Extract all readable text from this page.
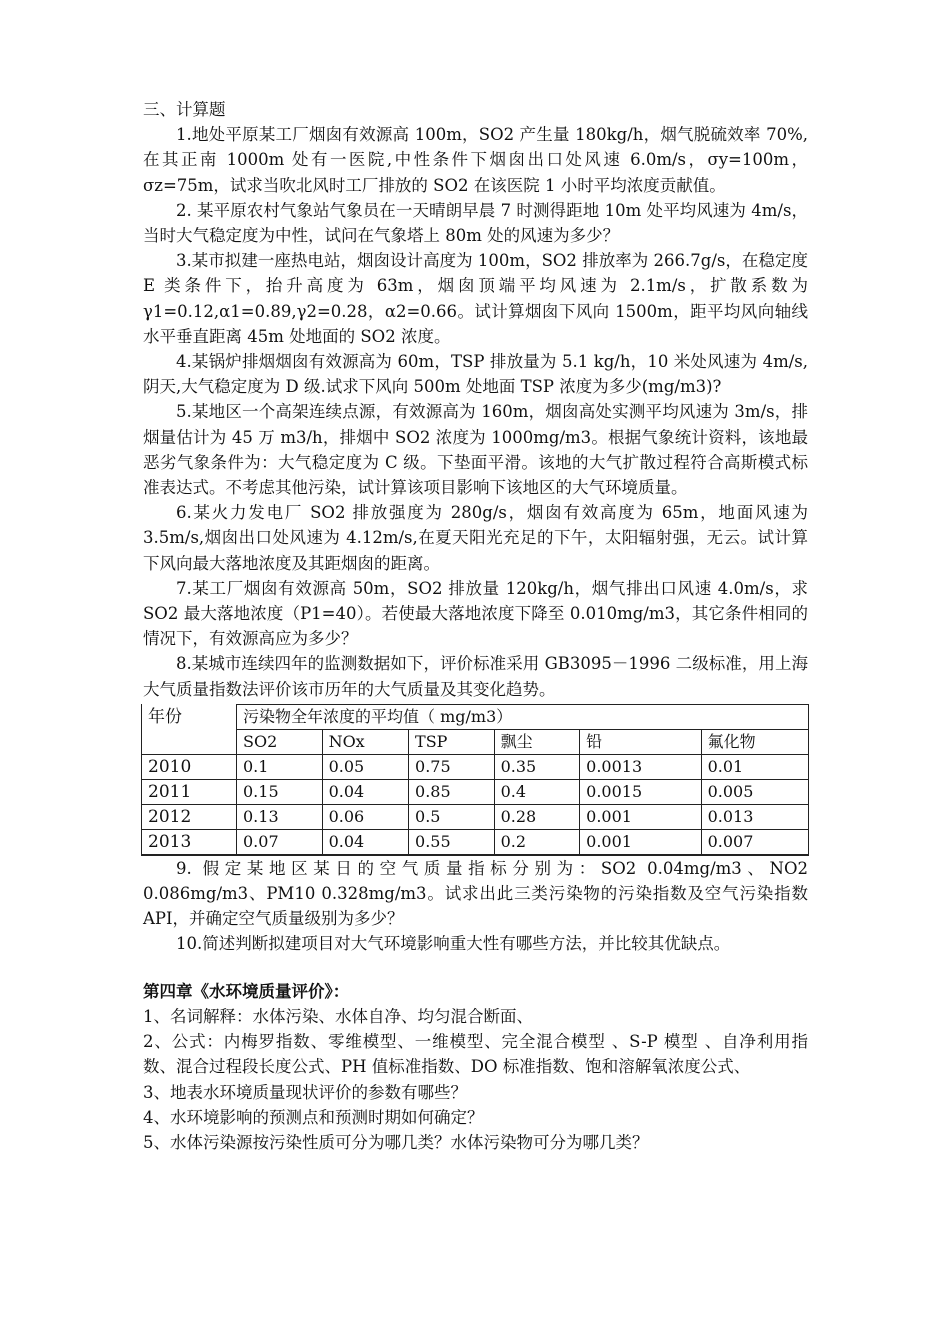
三、计算题

1.地处平原某工厂烟囱有效源高 100m，SO2 产生量 180kg/h，烟气脱硫效率 70%,在其正南 1000m 处有一医院,中性条件下烟囱出口处风速 6.0m/s，σy=100m，σz=75m，试求当吹北风时工厂排放的 SO2 在该医院 1 小时平均浓度贡献值。

2. 某平原农村气象站气象员在一天晴朗早晨 7 时测得距地 10m 处平均风速为 4m/s，当时大气稳定度为中性，试问在气象塔上 80m 处的风速为多少？

3.某市拟建一座热电站，烟囱设计高度为 100m，SO2 排放率为 266.7g/s，在稳定度 E 类条件下，抬升高度为 63m，烟囱顶端平均风速为 2.1m/s，扩散系数为 γ1=0.12,α1=0.89,γ2=0.28，α2=0.66。试计算烟囱下风向 1500m，距平均风向轴线水平垂直距离 45m 处地面的 SO2 浓度。

4.某锅炉排烟烟囱有效源高为 60m，TSP 排放量为 5.1 kg/h，10 米处风速为 4m/s,阴天,大气稳定度为 D 级.试求下风向 500m 处地面 TSP 浓度为多少(mg/m3)?

5.某地区一个高架连续点源，有效源高为 160m，烟囱高处实测平均风速为 3m/s，排烟量估计为 45 万 m3/h，排烟中 SO2 浓度为 1000mg/m3。根据气象统计资料，该地最恶劣气象条件为：大气稳定度为 C 级。下垫面平滑。该地的大气扩散过程符合高斯模式标准表达式。不考虑其他污染，试计算该项目影响下该地区的大气环境质量。

6.某火力发电厂 SO2 排放强度为 280g/s，烟囱有效高度为 65m，地面风速为 3.5m/s,烟囱出口处风速为 4.12m/s,在夏天阳光充足的下午，太阳辐射强，无云。试计算下风向最大落地浓度及其距烟囱的距离。

7.某工厂烟囱有效源高 50m，SO2 排放量 120kg/h，烟气排出口风速 4.0m/s，求 SO2 最大落地浓度（P1=40）。若使最大落地浓度下降至 0.010mg/m3，其它条件相同的情况下，有效源高应为多少？

8.某城市连续四年的监测数据如下，评价标准采用 GB3095－1996 二级标准，用上海大气质量指数法评价该市历年的大气质量及其变化趋势。

年份	污染物全年浓度的平均值（ mg/m3）					
	SO2	NOx	TSP	飘尘	铅	氟化物
2010	0.1	0.05	0.75	0.35	0.0013	0.01
2011	0.15	0.04	0.85	0.4	0.0015	0.005
2012	0.13	0.06	0.5	0.28	0.001	0.013
2013	0.07	0.04	0.55	0.2	0.001	0.007

9. 假定某地区某日的空气质量指标分别为：SO2 0.04mg/m3、NO2 0.086mg/m3、PM10 0.328mg/m3。试求出此三类污染物的污染指数及空气污染指数 API，并确定空气质量级别为多少？

10.简述判断拟建项目对大气环境影响重大性有哪些方法，并比较其优缺点。

第四章《水环境质量评价》：

1、名词解释：水体污染、水体自净、均匀混合断面、

2、公式：内梅罗指数、零维模型、一维模型、完全混合模型 、S-P 模型 、自净利用指数、混合过程段长度公式、PH 值标准指数、DO 标准指数、饱和溶解氧浓度公式、

3、地表水环境质量现状评价的参数有哪些？

4、水环境影响的预测点和预测时期如何确定？

5、水体污染源按污染性质可分为哪几类？水体污染物可分为哪几类？
